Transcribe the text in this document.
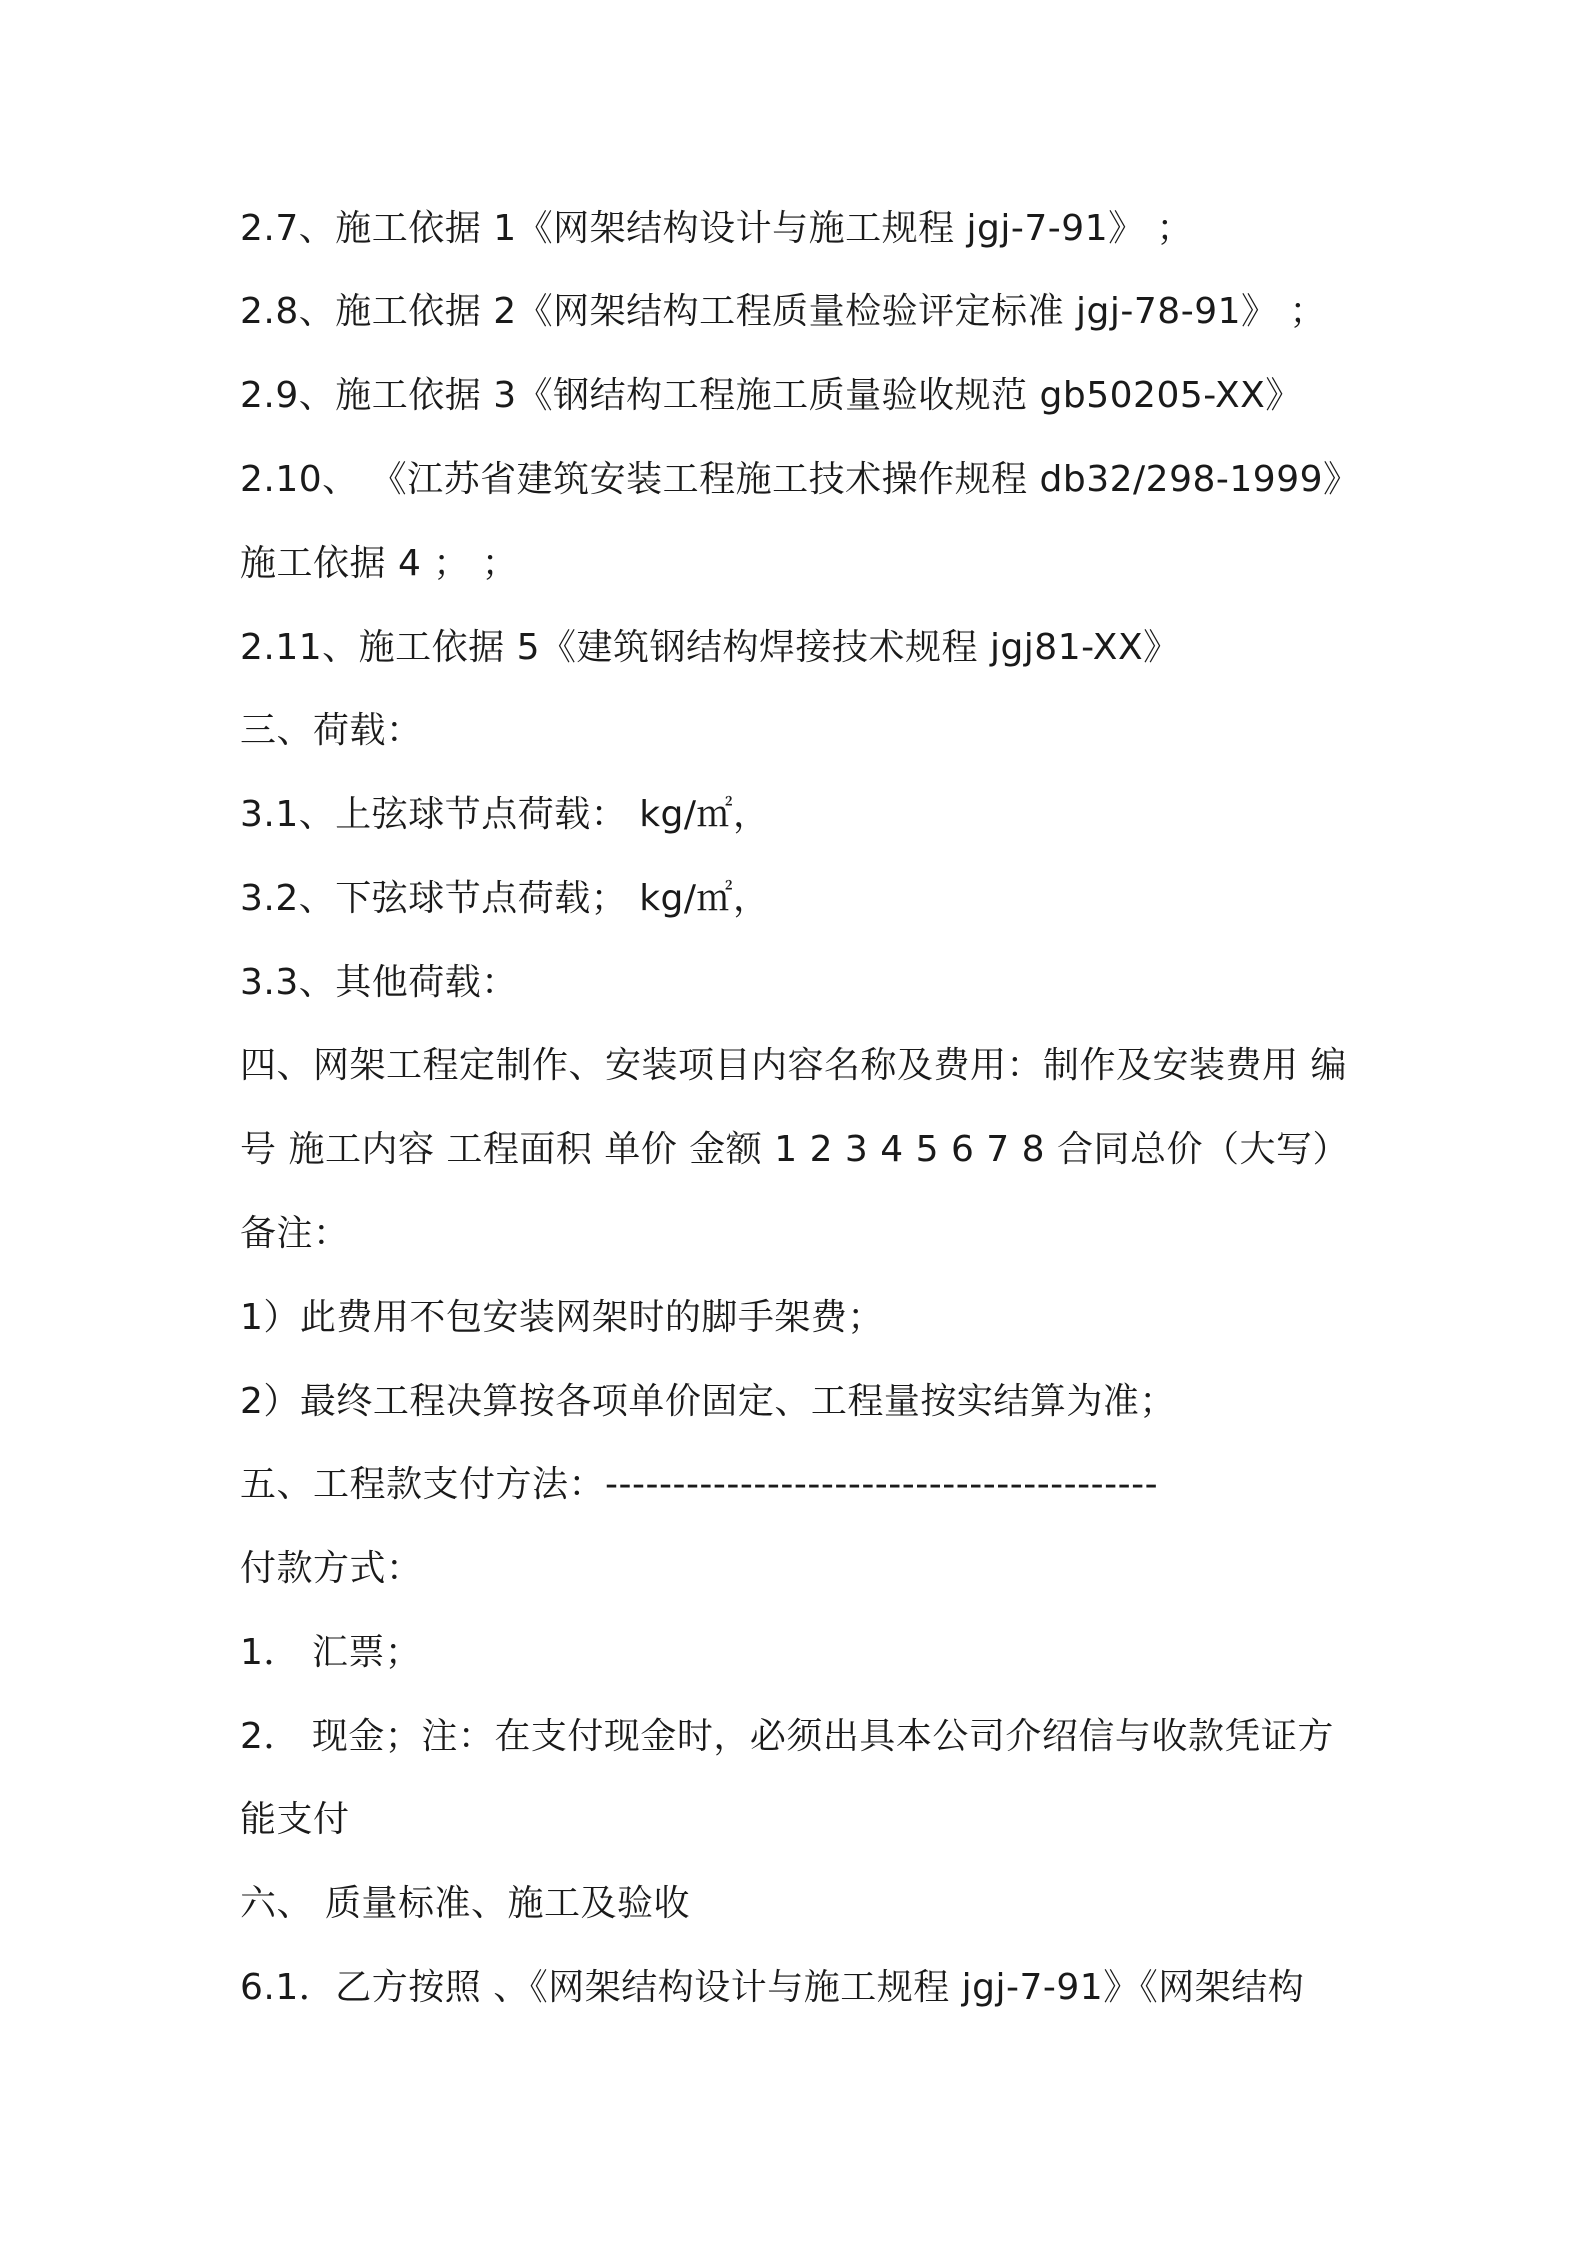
2.7、施工依据 1《网架结构设计与施工规程 jgj-7-91》 ；
2.8、施工依据 2《网架结构工程质量检验评定标准 jgj-78-91》 ；
2.9、施工依据 3《钢结构工程施工质量验收规范 gb50205-XX》
2.10、 《江苏省建筑安装工程施工技术操作规程 db32/298-1999》
施工依据 4 ； ；
2.11、施工依据 5《建筑钢结构焊接技术规程 jgj81-XX》
三、荷载：
3.1、上弦球节点荷载： kg/㎡，
3.2、下弦球节点荷载； kg/㎡，
3.3、其他荷载：
四、网架工程定制作、安装项目内容名称及费用：制作及安装费用 编
号 施工内容 工程面积 单价 金额 1 2 3 4 5 6 7 8 合同总价（大写）
备注：
1）此费用不包安装网架时的脚手架费；
2）最终工程决算按各项单价固定、工程量按实结算为准；
五、工程款支付方法：-----------------------------------------
付款方式：
1． 汇票；
2． 现金；注：在支付现金时，必须出具本公司介绍信与收款凭证方
能支付
六、 质量标准、施工及验收
6.1．乙方按照 、《网架结构设计与施工规程 jgj-7-91》《网架结构
